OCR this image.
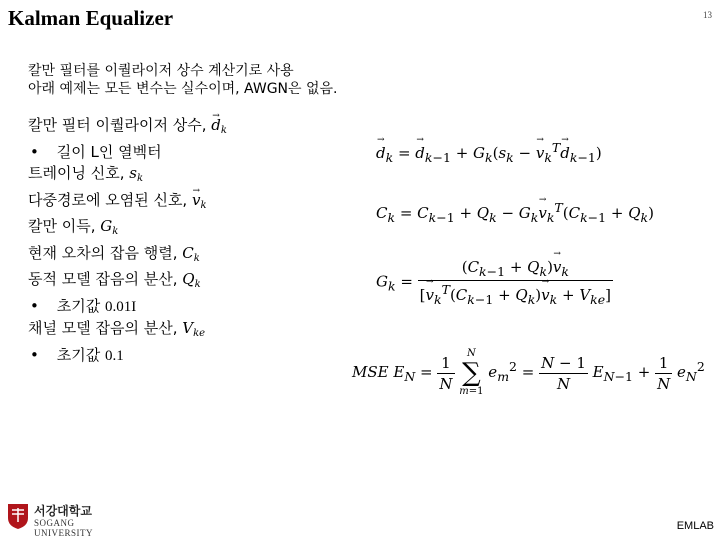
Kalman Equalizer	13
칼만 필터를 이퀄라이저 상수 계산기로 사용
아래 예제는 모든 변수는 실수이며, AWGN은 없음.
칼만 필터 이퀄라이저 상수, → $d_k$
• 길이 L인 열벡터
트레이닝 신호, $s_k$
다중경로에 오염된 신호, → $v_k$
칼만 이득, $G_k$
현재 오차의 잡음 행렬, $C_k$
동적 모델 잡음의 분산, $Q_k$
• 초기값 0.01I
채널 모델 잡음의 분산, $V_{ke}$
• 초기값 0.1
→ $d_k$ = → $d_{k-1} + G_k(s_k$ − → $v_k^T\to d_{k-1}$)
$C_k = C_{k-1} + Q_k - G_k\to v_k^T(C_{k-1} + Q_k)$
$G_k = \frac{(C_{k-1} + Q_k)\to v_k}{[\to v_k^T(C_{k-1} + Q_k)\to v_k + V_{ke}]}$
MSE $E_N = \frac{1}{N}$
	N
∑
m=1
$e_m^2 = \frac{N - 1}{N} E_{N-1} + \frac{1}{N} e_N^2$
서강대학교
SOGANG UNIVERSITY
EMLAB
